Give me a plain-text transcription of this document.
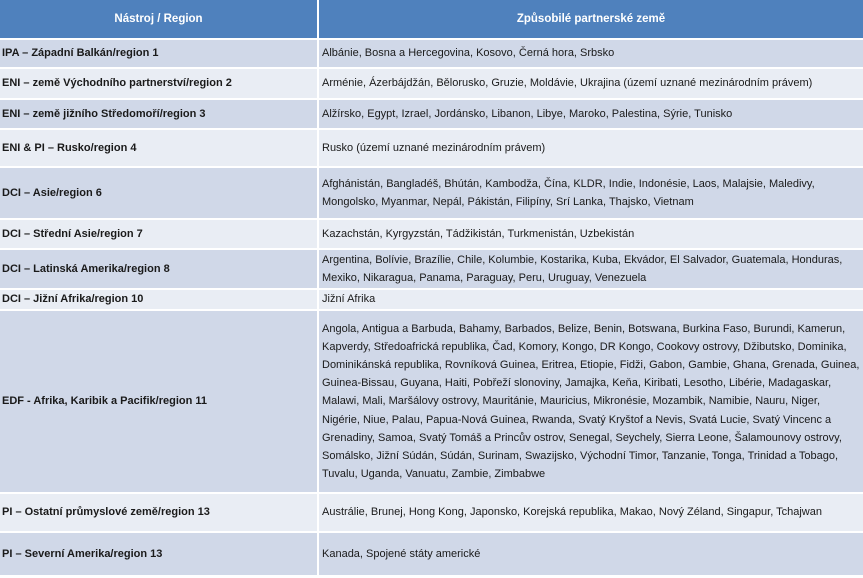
Nástroj / Region	Způsobilé partnerské země
IPA – Západní Balkán/region 1	Albánie, Bosna a Hercegovina, Kosovo, Černá hora, Srbsko
ENI – země Východního partnerství/region 2	Arménie, Ázerbájdžán, Bělorusko, Gruzie, Moldávie, Ukrajina (území uznané mezinárodním právem)
ENI – země jižního Středomoří/region 3	Alžírsko, Egypt, Izrael, Jordánsko, Libanon, Libye, Maroko, Palestina, Sýrie, Tunisko
ENI & PI – Rusko/region 4	Rusko (území uznané mezinárodním právem)
DCI – Asie/region 6	Afghánistán, Bangladéš, Bhútán, Kambodža, Čína, KLDR, Indie, Indonésie, Laos, Malajsie, Maledivy, Mongolsko, Myanmar, Nepál, Pákistán, Filipíny, Srí Lanka, Thajsko, Vietnam
DCI – Střední Asie/region 7	Kazachstán, Kyrgyzstán, Tádžikistán, Turkmenistán, Uzbekistán
DCI – Latinská Amerika/region 8	Argentina, Bolívie, Brazílie, Chile, Kolumbie, Kostarika, Kuba, Ekvádor, El Salvador, Guatemala, Honduras, Mexiko, Nikaragua, Panama, Paraguay, Peru, Uruguay, Venezuela
DCI – Jižní Afrika/region 10	Jižní Afrika
EDF - Afrika, Karibik a Pacifik/region 11	Angola, Antigua a Barbuda, Bahamy, Barbados, Belize, Benin, Botswana, Burkina Faso, Burundi, Kamerun, Kapverdy, Středoafrická republika, Čad, Komory, Kongo, DR Kongo, Cookovy ostrovy, Džibutsko, Dominika, Dominikánská republika, Rovníková Guinea, Eritrea, Etiopie, Fidži, Gabon, Gambie, Ghana, Grenada, Guinea, Guinea-Bissau, Guyana, Haiti, Pobřeží slonoviny, Jamajka, Keňa, Kiribati, Lesotho, Libérie, Madagaskar, Malawi, Mali, Maršálovy ostrovy, Mauritánie, Mauricius, Mikronésie, Mozambik, Namibie, Nauru, Niger, Nigérie, Niue, Palau, Papua-Nová Guinea, Rwanda, Svatý Kryštof a Nevis, Svatá Lucie, Svatý Vincenc a Grenadiny, Samoa, Svatý Tomáš a Princův ostrov, Senegal, Seychely, Sierra Leone, Šalamounovy ostrovy, Somálsko, Jižní Súdán, Súdán, Surinam, Swazijsko, Východní Timor, Tanzanie, Tonga, Trinidad a Tobago, Tuvalu, Uganda, Vanuatu, Zambie, Zimbabwe
PI – Ostatní průmyslové země/region 13	Austrálie, Brunej, Hong Kong, Japonsko, Korejská republika, Makao, Nový Zéland, Singapur, Tchajwan
PI – Severní Amerika/region 13	Kanada, Spojené státy americké
